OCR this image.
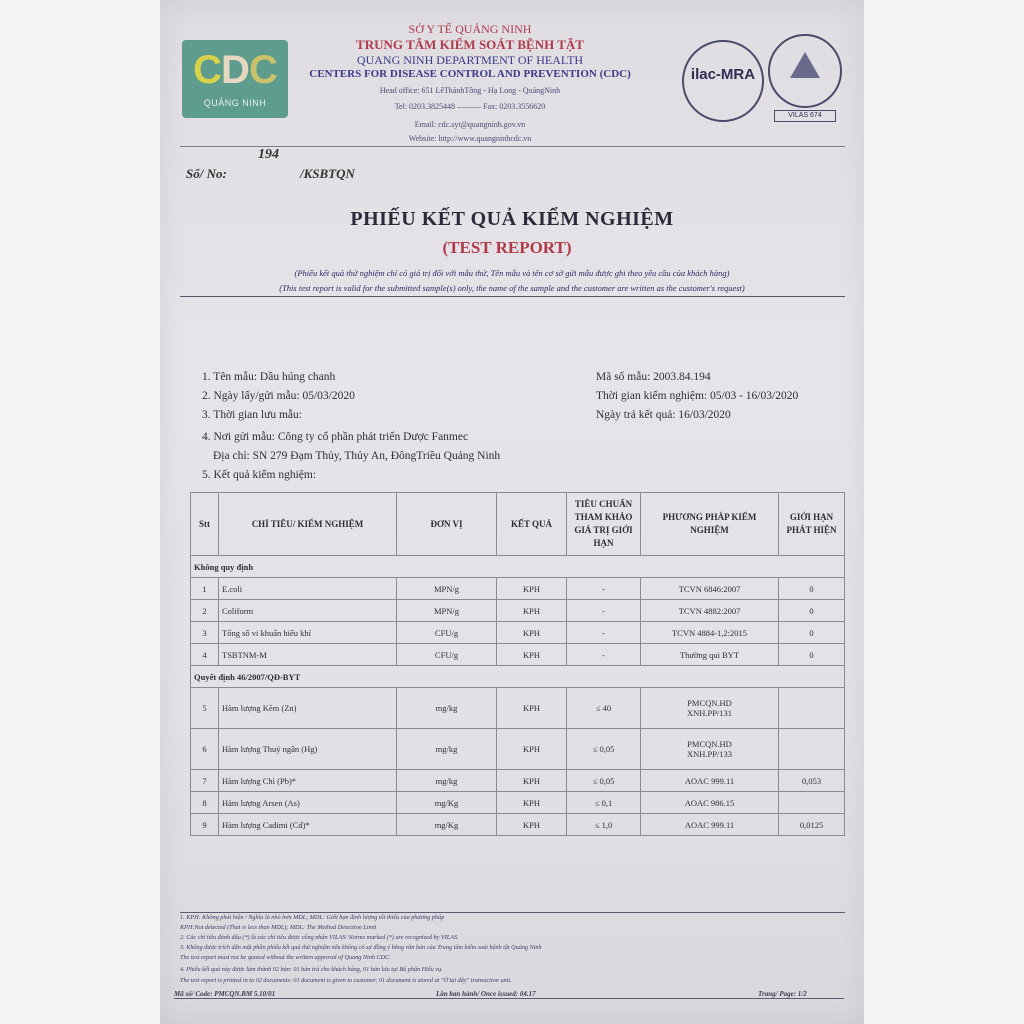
CDC
QUẢNG NINH
SỞ Y TẾ QUẢNG NINH
TRUNG TÂM KIỂM SOÁT BỆNH TẬT
QUANG NINH DEPARTMENT OF HEALTH
CENTERS FOR DISEASE CONTROL AND PREVENTION (CDC)
Head office: 651 LêThánhTông - Hạ Long - QuảngNinh
Tel: 0203.3825448 ——— Fax: 0203.3556620
Email: cdc.syt@quangninh.gov.vn
Website: http://www.quangninhcdc.vn
ilac-MRA
VILAS 674
194
Số/ No:	/KSBTQN
PHIẾU KẾT QUẢ KIỂM NGHIỆM
(TEST REPORT)
(Phiếu kết quả thử nghiệm chỉ có giá trị đối với mẫu thử, Tên mẫu và tên cơ sở gửi mẫu được ghi theo yêu cầu của khách hàng)
(This test report is valid for the submitted sample(s) only, the name of the sample and the customer are written as the customer's request)
1. Tên mẫu: Dầu húng chanh
2. Ngày lấy/gửi mẫu: 05/03/2020
3. Thời gian lưu mẫu:
4. Nơi gửi mẫu: Công ty cổ phần phát triển Dược Fanmec
Địa chỉ: SN 279 Đạm Thủy, Thủy An, ĐôngTriều Quảng Ninh
5. Kết quả kiểm nghiệm:
Mã số mẫu: 2003.84.194
Thời gian kiểm nghiệm: 05/03 - 16/03/2020
Ngày trả kết quả: 16/03/2020
Stt	CHỈ TIÊU/ KIỂM NGHIỆM	ĐƠN VỊ	KẾT QUẢ	TIÊU CHUẨN THAM KHẢO GIÁ TRỊ GIỚI HẠN	PHƯƠNG PHÁP KIỂM NGHIỆM	GIỚI HẠN PHÁT HIỆN
Không quy định						
1	E.coli	MPN/g	KPH	-	TCVN 6846:2007	0
2	Coliform	MPN/g	KPH	-	TCVN 4882:2007	0
3	Tổng số vi khuẩn hiếu khí	CFU/g	KPH	-	TCVN 4884-1,2:2015	0
4	TSBTNM-M	CFU/g	KPH	-	Thường qui BYT	0
Quyết định 46/2007/QĐ-BYT						
5	Hàm lượng Kẽm (Zn)	mg/kg	KPH	≤ 40	PMCQN.HD
XNH.PP/131	
6	Hàm lượng Thuỷ ngân (Hg)	mg/kg	KPH	≤ 0,05	PMCQN.HD
XNH.PP/133	
7	Hàm lượng Chì (Pb)*	mg/kg	KPH	≤ 0,05	AOAC 999.11	0,053
8	Hàm lượng Arsen (As)	mg/Kg	KPH	≤ 0,1	AOAC 986.15	
9	Hàm lượng Cadimi (Cd)*	mg/Kg	KPH	≤ 1,0	AOAC 999.11	0,0125
1. KPH: Không phát hiện / Nghĩa là nhỏ hơn MDL; MDL: Giới hạn định lượng tối thiểu của phương pháp
KPH:Not detected (That is less than MDL); MDL: The Method Detection Limit
2. Các chỉ tiêu đánh dấu (*) là các chỉ tiêu được công nhận VILAS/ Norms marked (*) are recognized by VILAS.
3. Không được trích dẫn một phần phiếu kết quả thử nghiệm nếu không có sự đồng ý bằng văn bản của Trung tâm kiểm soát bệnh tật Quảng Ninh
The test report must not be quoted without the written approval of Quang Ninh CDC.
4. Phiếu kết quả này được làm thành 02 bản: 01 bản trả cho khách hàng, 01 bản lưu tại Bộ phận Hiếu vụ.
The test report is printed in to 02 documents: 01 document is given to customer, 01 document is stored at "Ở tại đây" transaction unit.
Mã số/ Code: PMCQN.BM 5.10/01	Lần ban hành/ Once issued: 04.17	Trang/ Page: 1/2
